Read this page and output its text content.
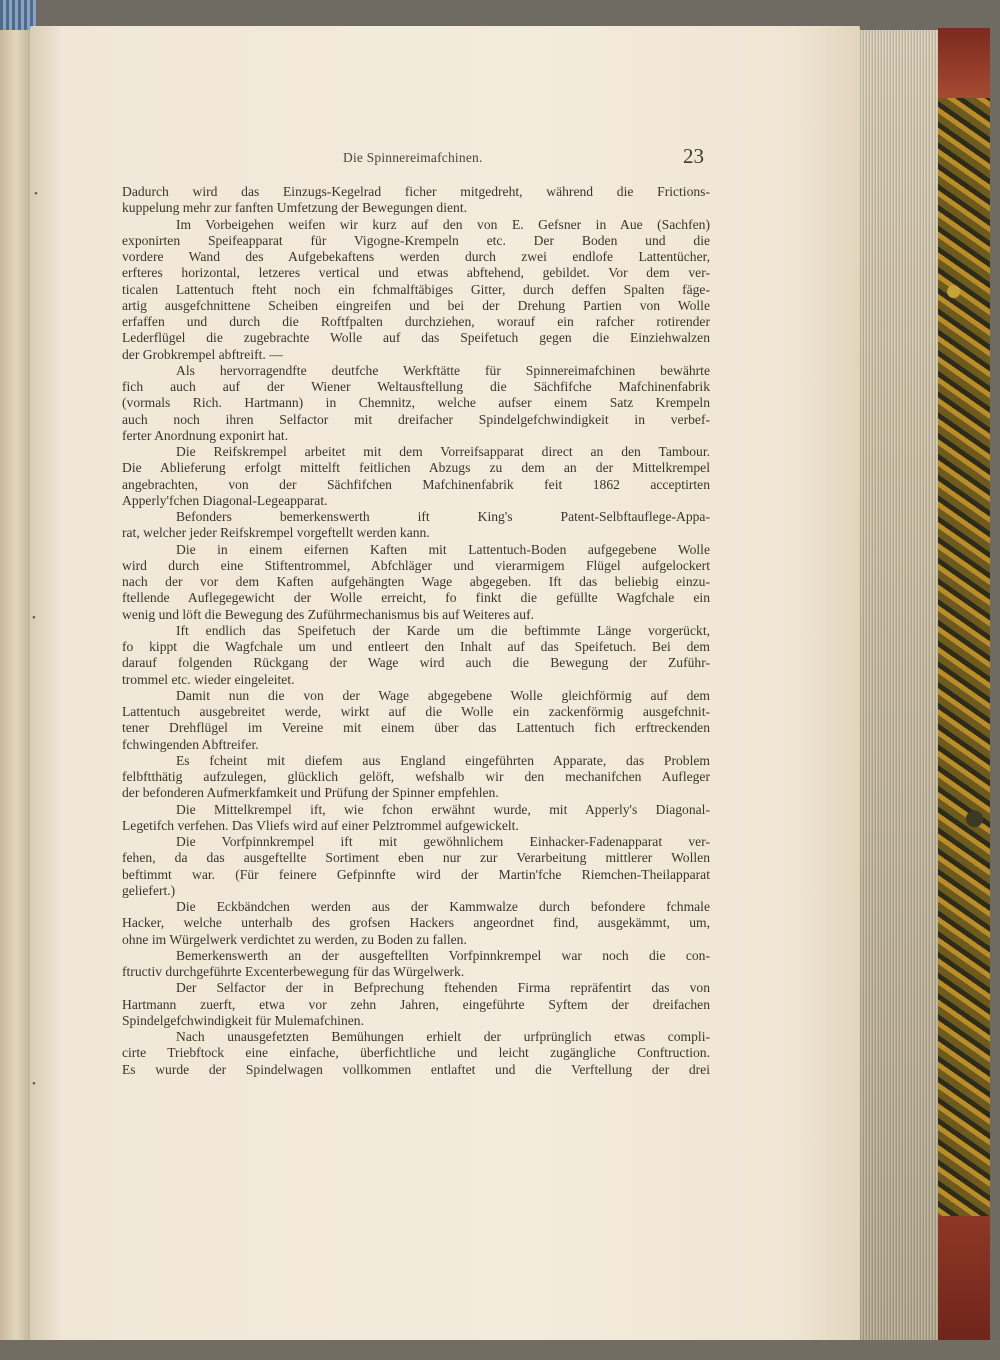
Die Spinnereimafchinen.	23
Dadurch wird das Einzugs-Kegelrad ficher mitgedreht, während die Frictions-
kuppelung mehr zur fanften Umfetzung der Bewegungen dient.
Im Vorbeigehen weifen wir kurz auf den von E. Gefsner in Aue (Sachfen)
exponirten Speifeapparat für Vigogne-Krempeln etc. Der Boden und die
vordere Wand des Aufgebekaftens werden durch zwei endlofe Lattentücher,
erfteres horizontal, letzeres vertical und etwas abftehend, gebildet. Vor dem ver-
ticalen Lattentuch fteht noch ein fchmalftäbiges Gitter, durch deffen Spalten fäge-
artig ausgefchnittene Scheiben eingreifen und bei der Drehung Partien von Wolle
erfaffen und durch die Roftfpalten durchziehen, worauf ein rafcher rotirender
Lederflügel die zugebrachte Wolle auf das Speifetuch gegen die Einziehwalzen
der Grobkrempel abftreift. —
Als hervorragendfte deutfche Werkftätte für Spinnereimafchinen bewährte
fich auch auf der Wiener Weltausftellung die Sächfifche Mafchinenfabrik
(vormals Rich. Hartmann) in Chemnitz, welche aufser einem Satz Krempeln
auch noch ihren Selfactor mit dreifacher Spindelgefchwindigkeit in verbef-
ferter Anordnung exponirt hat.
Die Reifskrempel arbeitet mit dem Vorreifsapparat direct an den Tambour.
Die Ablieferung erfolgt mittelft feitlichen Abzugs zu dem an der Mittelkrempel
angebrachten, von der Sächfifchen Mafchinenfabrik feit 1862 acceptirten
Apperly'fchen Diagonal-Legeapparat.
Befonders bemerkenswerth ift King's Patent-Selbftauflege-Appa-
rat, welcher jeder Reifskrempel vorgeftellt werden kann.
Die in einem eifernen Kaften mit Lattentuch-Boden aufgegebene Wolle
wird durch eine Stiftentrommel, Abfchläger und vierarmigem Flügel aufgelockert
nach der vor dem Kaften aufgehängten Wage abgegeben. Ift das beliebig einzu-
ftellende Auflegegewicht der Wolle erreicht, fo finkt die gefüllte Wagfchale ein
wenig und löft die Bewegung des Zuführmechanismus bis auf Weiteres auf.
Ift endlich das Speifetuch der Karde um die beftimmte Länge vorgerückt,
fo kippt die Wagfchale um und entleert den Inhalt auf das Speifetuch. Bei dem
darauf folgenden Rückgang der Wage wird auch die Bewegung der Zuführ-
trommel etc. wieder eingeleitet.
Damit nun die von der Wage abgegebene Wolle gleichförmig auf dem
Lattentuch ausgebreitet werde, wirkt auf die Wolle ein zackenförmig ausgefchnit-
tener Drehflügel im Vereine mit einem über das Lattentuch fich erftreckenden
fchwingenden Abftreifer.
Es fcheint mit diefem aus England eingeführten Apparate, das Problem
felbftthätig aufzulegen, glücklich gelöft, wefshalb wir den mechanifchen Aufleger
der befonderen Aufmerkfamkeit und Prüfung der Spinner empfehlen.
Die Mittelkrempel ift, wie fchon erwähnt wurde, mit Apperly's Diagonal-
Legetifch verfehen. Das Vliefs wird auf einer Pelztrommel aufgewickelt.
Die Vorfpinnkrempel ift mit gewöhnlichem Einhacker-Fadenapparat ver-
fehen, da das ausgeftellte Sortiment eben nur zur Verarbeitung mittlerer Wollen
beftimmt war. (Für feinere Gefpinnfte wird der Martin'fche Riemchen-Theilapparat
geliefert.)
Die Eckbändchen werden aus der Kammwalze durch befondere fchmale
Hacker, welche unterhalb des grofsen Hackers angeordnet find, ausgekämmt, um,
ohne im Würgelwerk verdichtet zu werden, zu Boden zu fallen.
Bemerkenswerth an der ausgeftellten Vorfpinnkrempel war noch die con-
ftructiv durchgeführte Excenterbewegung für das Würgelwerk.
Der Selfactor der in Befprechung ftehenden Firma repräfentirt das von
Hartmann zuerft, etwa vor zehn Jahren, eingeführte Syftem der dreifachen
Spindelgefchwindigkeit für Mulemafchinen.
Nach unausgefetzten Bemühungen erhielt der urfprünglich etwas compli-
cirte Triebftock eine einfache, überfichtliche und leicht zugängliche Conftruction.
Es wurde der Spindelwagen vollkommen entlaftet und die Verftellung der drei
•
•
•
